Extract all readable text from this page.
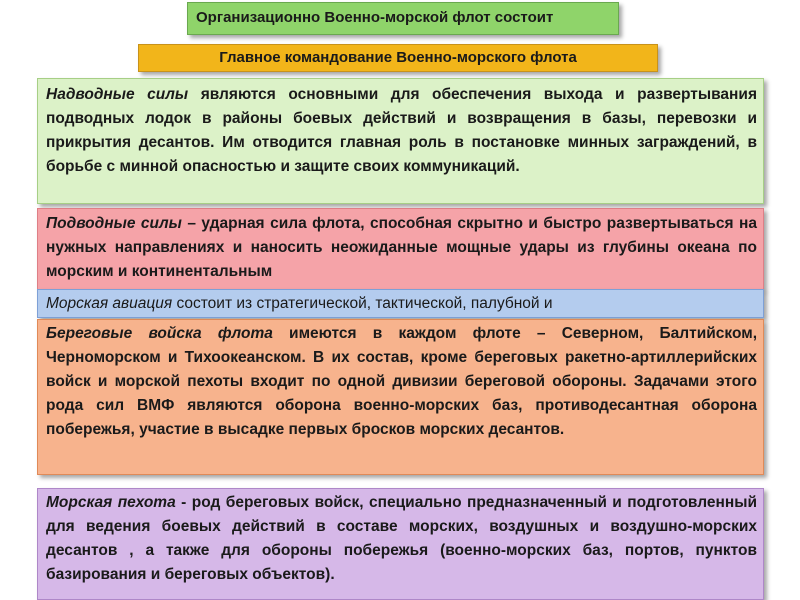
Организационно Военно-морской флот состоит
Главное командование Военно-морского флота
Надводные силы являются основными для обеспечения выхода и развертывания подводных лодок в районы боевых действий и возвращения в базы, перевозки и прикрытия десантов. Им отводится главная роль в постановке минных заграждений, в борьбе с минной опасностью и защите своих коммуникаций.
Подводные силы – ударная сила флота, способная скрытно и быстро развертываться на нужных направлениях и наносить неожиданные мощные удары из глубины океана по морским и континентальным
Морская авиация состоит из стратегической, тактической, палубной и
Береговые войска флота имеются в каждом флоте – Северном, Балтийском, Черноморском и Тихоокеанском. В их состав, кроме береговых ракетно-артиллерийских войск и морской пехоты входит по одной дивизии береговой обороны. Задачами этого рода сил ВМФ являются оборона военно-морских баз, противодесантная оборона побережья, участие в высадке первых бросков морских десантов.
Морская пехота - род береговых войск, специально предназначенный и подготовленный для ведения боевых действий в составе морских, воздушных и воздушно-морских десантов , а также для обороны побережья (военно-морских баз, портов, пунктов базирования и береговых объектов).
